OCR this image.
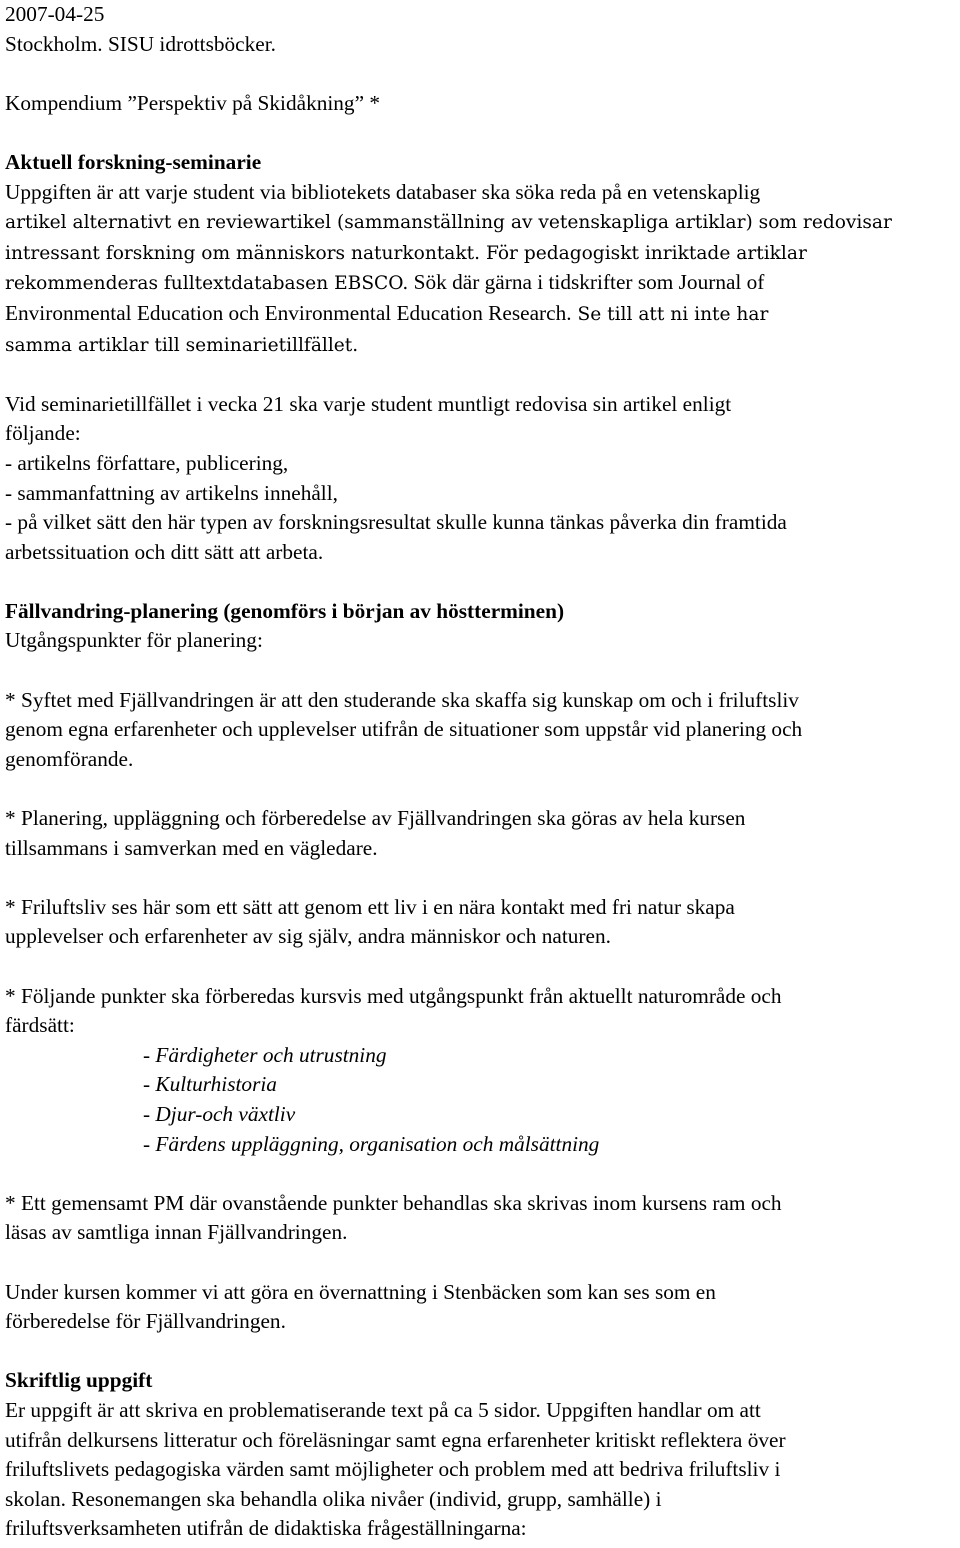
2007-04-25

Stockholm. SISU idrottsböcker.

Kompendium ”Perspektiv på Skidåkning” *

Aktuell forskning-seminarie

Uppgiften är att varje student via bibliotekets databaser ska söka reda på en vetenskaplig
artikel alternativt en reviewartikel (sammanställning av vetenskapliga artiklar) som redovisar
intressant forskning om människors naturkontakt. För pedagogiskt inriktade artiklar
rekommenderas fulltextdatabasen EBSCO. Sök där gärna i tidskrifter som Journal of
Environmental Education och Environmental Education Research. Se till att ni inte har
samma artiklar till seminarietillfället.

Vid seminarietillfället i vecka 21 ska varje student muntligt redovisa sin artikel enligt
följande:
- artikelns författare, publicering,
- sammanfattning av artikelns innehåll,
- på vilket sätt den här typen av forskningsresultat skulle kunna tänkas påverka din framtida
arbetssituation och ditt sätt att arbeta.

Fällvandring-planering (genomförs i början av höstterminen)

Utgångspunkter för planering:

* Syftet med Fjällvandringen är att den studerande ska skaffa sig kunskap om och i friluftsliv
genom egna erfarenheter och upplevelser utifrån de situationer som uppstår vid planering och
genomförande.

* Planering, uppläggning och förberedelse av Fjällvandringen ska göras av hela kursen
tillsammans i samverkan med en vägledare.

* Friluftsliv ses här som ett sätt att genom ett liv i en nära kontakt med fri natur skapa
upplevelser och erfarenheter av sig själv, andra människor och naturen.

* Följande punkter ska förberedas kursvis med utgångspunkt från aktuellt naturområde och
färdsätt:

- Färdigheter och utrustning
- Kulturhistoria
- Djur-och växtliv
- Färdens uppläggning, organisation och målsättning

* Ett gemensamt PM där ovanstående punkter behandlas ska skrivas inom kursens ram och
läsas av samtliga innan Fjällvandringen.

Under kursen kommer vi att göra en övernattning i Stenbäcken som kan ses som en
förberedelse för Fjällvandringen.

Skriftlig uppgift

Er uppgift är att skriva en problematiserande text på ca 5 sidor. Uppgiften handlar om att
utifrån delkursens litteratur och föreläsningar samt egna erfarenheter kritiskt reflektera över
friluftslivets pedagogiska värden samt möjligheter och problem med att bedriva friluftsliv i
skolan. Resonemangen ska behandla olika nivåer (individ, grupp, samhälle) i
friluftsverksamheten utifrån de didaktiska frågeställningarna:
